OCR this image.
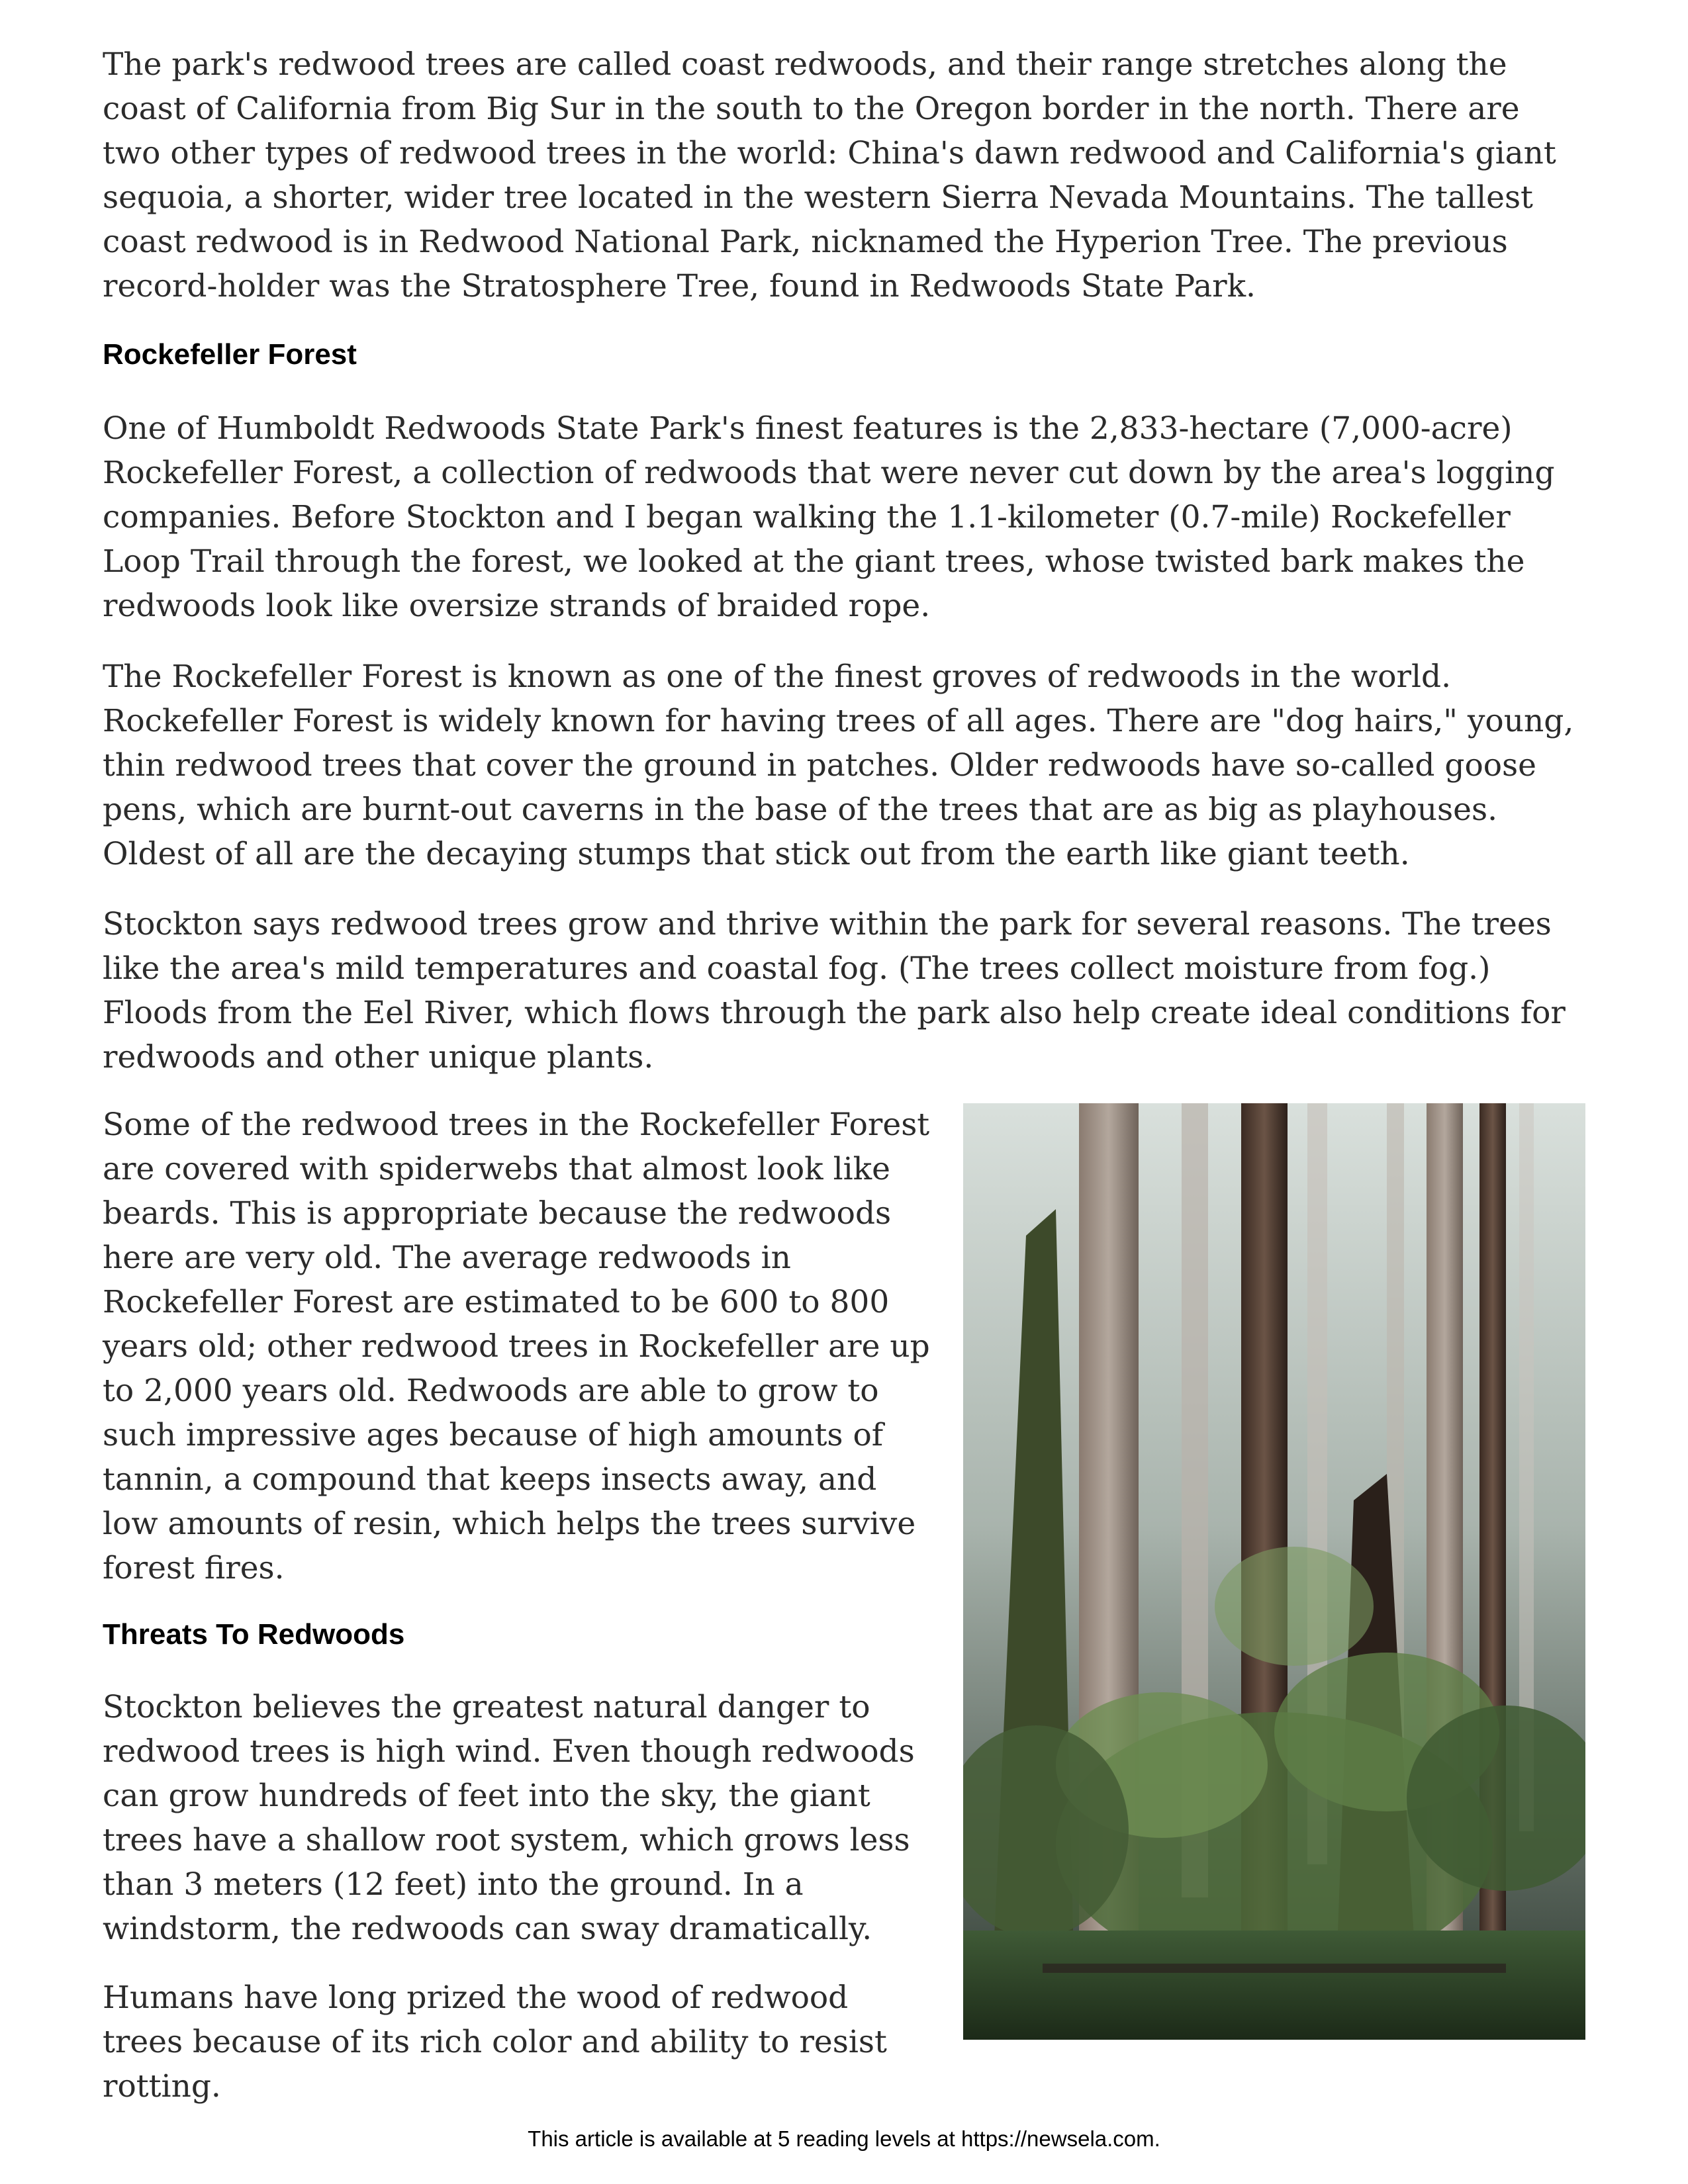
The park's redwood trees are called coast redwoods, and their range stretches along the coast of California from Big Sur in the south to the Oregon border in the north. There are two other types of redwood trees in the world: China's dawn redwood and California's giant sequoia, a shorter, wider tree located in the western Sierra Nevada Mountains. The tallest coast redwood is in Redwood National Park, nicknamed the Hyperion Tree. The previous record-holder was the Stratosphere Tree, found in Redwoods State Park.

Rockefeller Forest

One of Humboldt Redwoods State Park's finest features is the 2,833-hectare (7,000-acre) Rockefeller Forest, a collection of redwoods that were never cut down by the area's logging companies. Before Stockton and I began walking the 1.1-kilometer (0.7-mile) Rockefeller Loop Trail through the forest, we looked at the giant trees, whose twisted bark makes the redwoods look like oversize strands of braided rope.

The Rockefeller Forest is known as one of the finest groves of redwoods in the world. Rockefeller Forest is widely known for having trees of all ages. There are "dog hairs," young, thin redwood trees that cover the ground in patches. Older redwoods have so-called goose pens, which are burnt-out caverns in the base of the trees that are as big as playhouses. Oldest of all are the decaying stumps that stick out from the earth like giant teeth.

Stockton says redwood trees grow and thrive within the park for several reasons. The trees like the area's mild temperatures and coastal fog. (The trees collect moisture from fog.) Floods from the Eel River, which flows through the park also help create ideal conditions for redwoods and other unique plants.

Some of the redwood trees in the Rockefeller Forest are covered with spiderwebs that almost look like beards. This is appropriate because the redwoods here are very old. The average redwoods in Rockefeller Forest are estimated to be 600 to 800 years old; other redwood trees in Rockefeller are up to 2,000 years old. Redwoods are able to grow to such impressive ages because of high amounts of tannin, a compound that keeps insects away, and low amounts of resin, which helps the trees survive forest fires.

Threats To Redwoods

Stockton believes the greatest natural danger to redwood trees is high wind. Even though redwoods can grow hundreds of feet into the sky, the giant trees have a shallow root system, which grows less than 3 meters (12 feet) into the ground. In a windstorm, the redwoods can sway dramatically.

Humans have long prized the wood of redwood trees because of its rich color and ability to resist rotting.

This article is available at 5 reading levels at https://newsela.com.
